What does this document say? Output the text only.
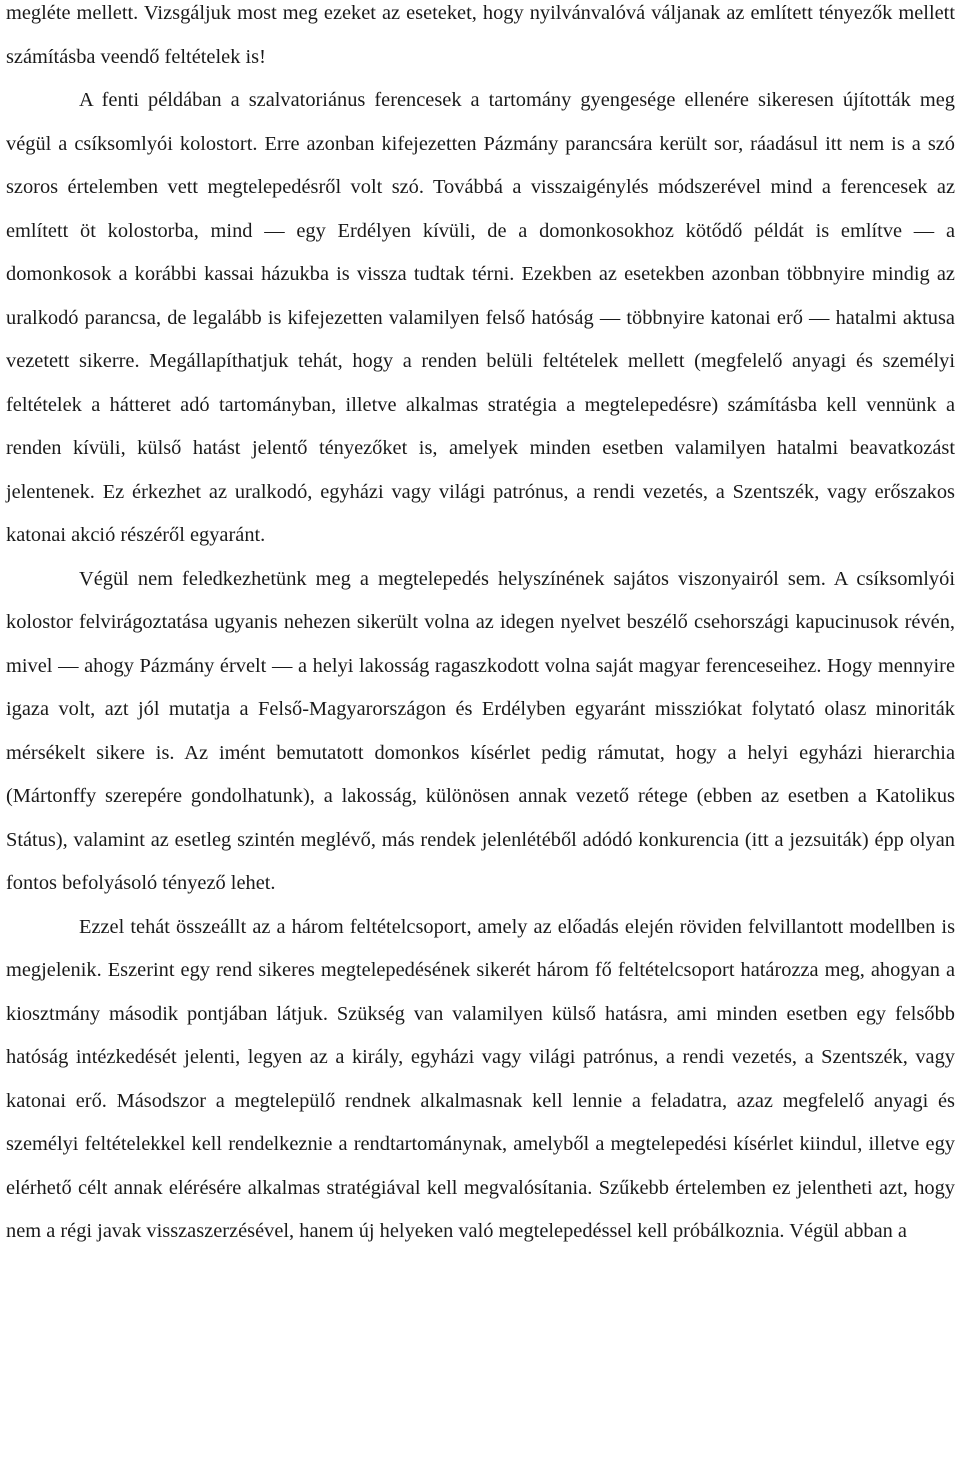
meglétе mellett. Vizsgáljuk most meg ezeket az eseteket, hogy nyilvánvalóvá váljanak az említett tényezők mellett számításba veendő feltételek is!

A fenti példában a szalvatoriánus ferencesek a tartomány gyengesége ellenére sikeresen újították meg végül a csíksomlyói kolostort. Erre azonban kifejezetten Pázmány parancsára került sor, ráadásul itt nem is a szó szoros értelemben vett megtelepedésről volt szó. Továbbá a visszaigénylés módszerével mind a ferencesek az említett öt kolostorba, mind — egy Erdélyen kívüli, de a domonkosokhoz kötődő példát is említve — a domonkosok a korábbi kassai házukba is vissza tudtak térni. Ezekben az esetekben azonban többnyire mindig az uralkodó parancsa, de legalább is kifejezetten valamilyen felső hatóság — többnyire katonai erő — hatalmi aktusa vezetett sikerre. Megállapíthatjuk tehát, hogy a renden belüli feltételek mellett (megfelelő anyagi és személyi feltételek a hátteret adó tartományban, illetve alkalmas stratégia a megtelepedésre) számításba kell vennünk a renden kívüli, külső hatást jelentő tényezőket is, amelyek minden esetben valamilyen hatalmi beavatkozást jelentenek. Ez érkezhet az uralkodó, egyházi vagy világi patrónus, a rendi vezetés, a Szentszék, vagy erőszakos katonai akció részéről egyaránt.

Végül nem feledkezhetünk meg a megtelepedés helyszínének sajátos viszonyairól sem. A csíksomlyói kolostor felvirágoztatása ugyanis nehezen sikerült volna az idegen nyelvet beszélő csehországi kapucinusok révén, mivel — ahogy Pázmány érvelt — a helyi lakosság ragaszkodott volna saját magyar ferenceseihez. Hogy mennyire igaza volt, azt jól mutatja a Felső-Magyarországon és Erdélyben egyaránt missziókat folytató olasz minoriták mérsékelt sikere is. Az imént bemutatott domonkos kísérlet pedig rámutat, hogy a helyi egyházi hierarchia (Mártonffy szerepére gondolhatunk), a lakosság, különösen annak vezető rétege (ebben az esetben a Katolikus Státus), valamint az esetleg szintén meglévő, más rendek jelenlétéből adódó konkurencia (itt a jezsuiták) épp olyan fontos befolyásoló tényező lehet.

Ezzel tehát összeállt az a három feltételcsoport, amely az előadás elején röviden felvillantott modellben is megjelenik. Eszerint egy rend sikeres megtelepedésének sikerét három fő feltételcsoport határozza meg, ahogyan a kiosztmány második pontjában látjuk. Szükség van valamilyen külső hatásra, ami minden esetben egy felsőbb hatóság intézkedését jelenti, legyen az a király, egyházi vagy világi patrónus, a rendi vezetés, a Szentszék, vagy katonai erő. Másodszor a megtelepülő rendnek alkalmasnak kell lennie a feladatra, azaz megfelelő anyagi és személyi feltételekkel kell rendelkeznie a rendtartománynak, amelyből a megtelepedési kísérlet kiindul, illetve egy elérhető célt annak elérésére alkalmas stratégiával kell megvalósítania. Szűkebb értelemben ez jelentheti azt, hogy nem a régi javak visszaszerzésével, hanem új helyeken való megtelepedéssel kell próbálkoznia. Végül abban a
